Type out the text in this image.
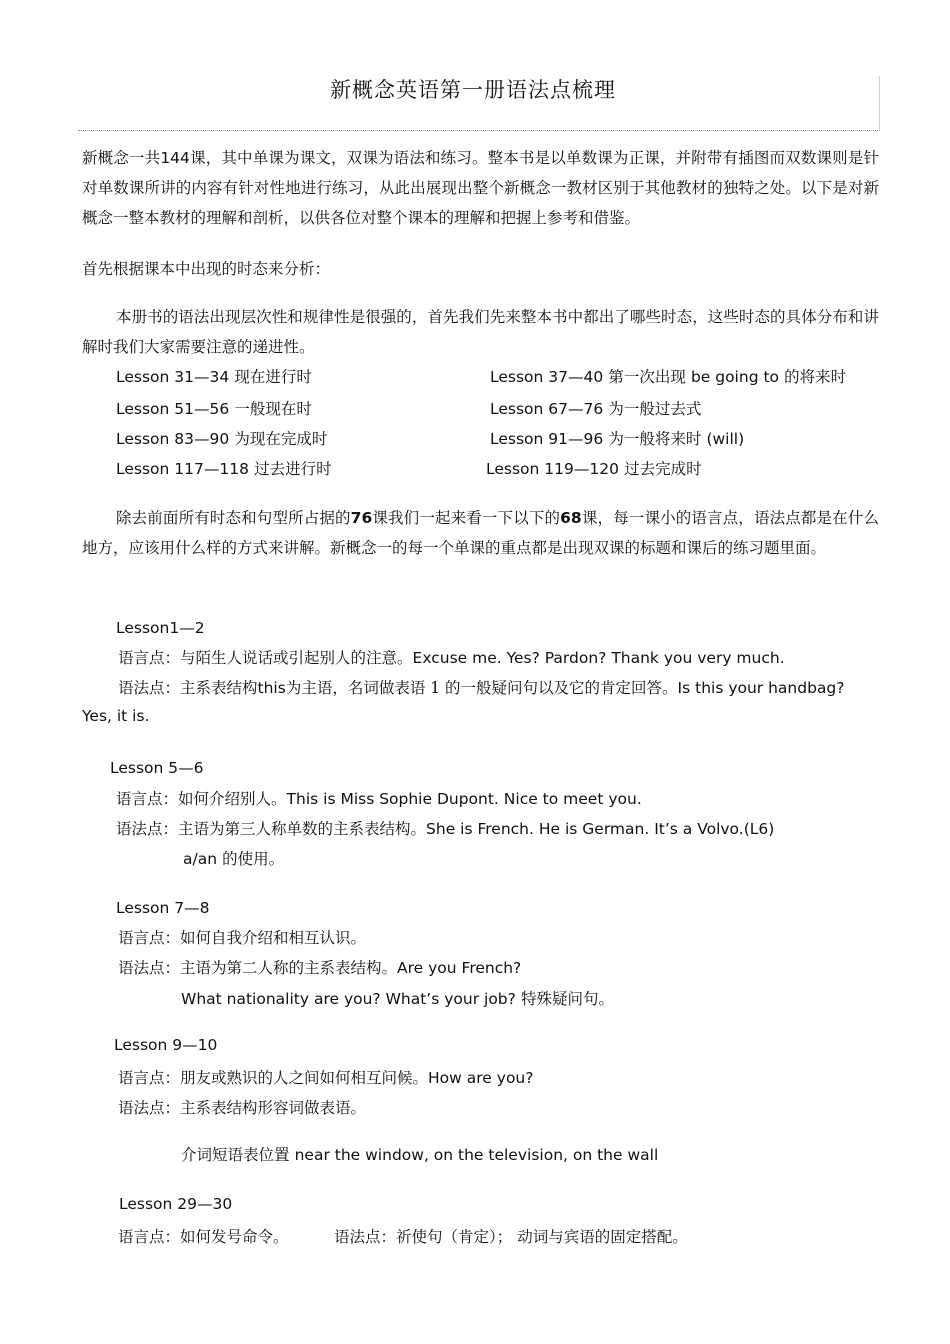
新概念英语第一册语法点梳理
新概念一共144课，其中单课为课文，双课为语法和练习。整本书是以单数课为正课，并附带有插图而双数课则是针对单数课所讲的内容有针对性地进行练习，从此出展现出整个新概念一教材区别于其他教材的独特之处。以下是对新概念一整本教材的理解和剖析，以供各位对整个课本的理解和把握上参考和借鉴。
首先根据课本中出现的时态来分析：
本册书的语法出现层次性和规律性是很强的，首先我们先来整本书中都出了哪些时态，这些时态的具体分布和讲解时我们大家需要注意的递进性。
Lesson 31—34 现在进行时	Lesson 37—40 第一次出现 be going to 的将来时
Lesson 51—56 一般现在时	Lesson 67—76 为一般过去式
Lesson 83—90 为现在完成时	Lesson 91—96 为一般将来时 (will)
Lesson 117—118 过去进行时	Lesson 119—120 过去完成时
除去前面所有时态和句型所占据的76课我们一起来看一下以下的68课，每一课小的语言点，语法点都是在什么地方，应该用什么样的方式来讲解。新概念一的每一个单课的重点都是出现双课的标题和课后的练习题里面。
Lesson1—2
语言点：与陌生人说话或引起别人的注意。Excuse me. Yes? Pardon? Thank you very much.
语法点：主系表结构this为主语，名词做表语 1 的一般疑问句以及它的肯定回答。Is this your handbag?
Yes, it is.
Lesson 5—6
语言点：如何介绍别人。This is Miss Sophie Dupont. Nice to meet you.
语法点：主语为第三人称单数的主系表结构。She is French. He is German. It’s a Volvo.(L6)
a/an 的使用。
Lesson 7—8
语言点：如何自我介绍和相互认识。
语法点：主语为第二人称的主系表结构。Are you French?
What nationality are you? What’s your job? 特殊疑问句。
Lesson 9—10
语言点：朋友或熟识的人之间如何相互问候。How are you?
语法点：主系表结构形容词做表语。
介词短语表位置 near the window, on the television, on the wall
Lesson 29—30
语言点：如何发号命令。	语法点：祈使句（肯定）； 动词与宾语的固定搭配。
